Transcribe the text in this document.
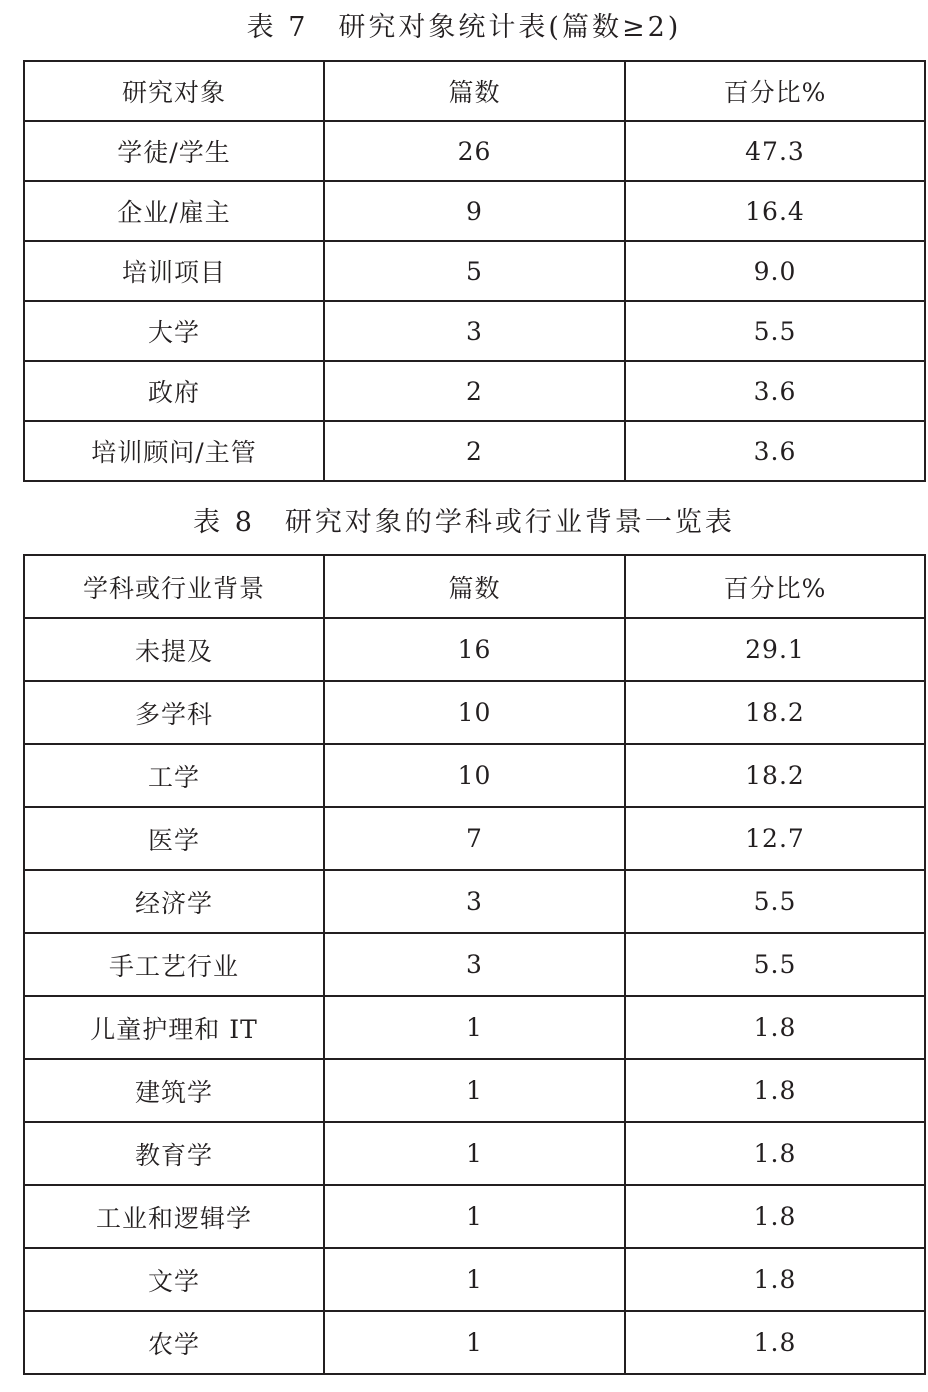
表 7　研究对象统计表(篇数≥2)
研究对象	篇数	百分比%
学徒/学生	26	47.3
企业/雇主	9	16.4
培训项目	5	9.0
大学	3	5.5
政府	2	3.6
培训顾问/主管	2	3.6
表 8　研究对象的学科或行业背景一览表
学科或行业背景	篇数	百分比%
未提及	16	29.1
多学科	10	18.2
工学	10	18.2
医学	7	12.7
经济学	3	5.5
手工艺行业	3	5.5
儿童护理和 IT	1	1.8
建筑学	1	1.8
教育学	1	1.8
工业和逻辑学	1	1.8
文学	1	1.8
农学	1	1.8
